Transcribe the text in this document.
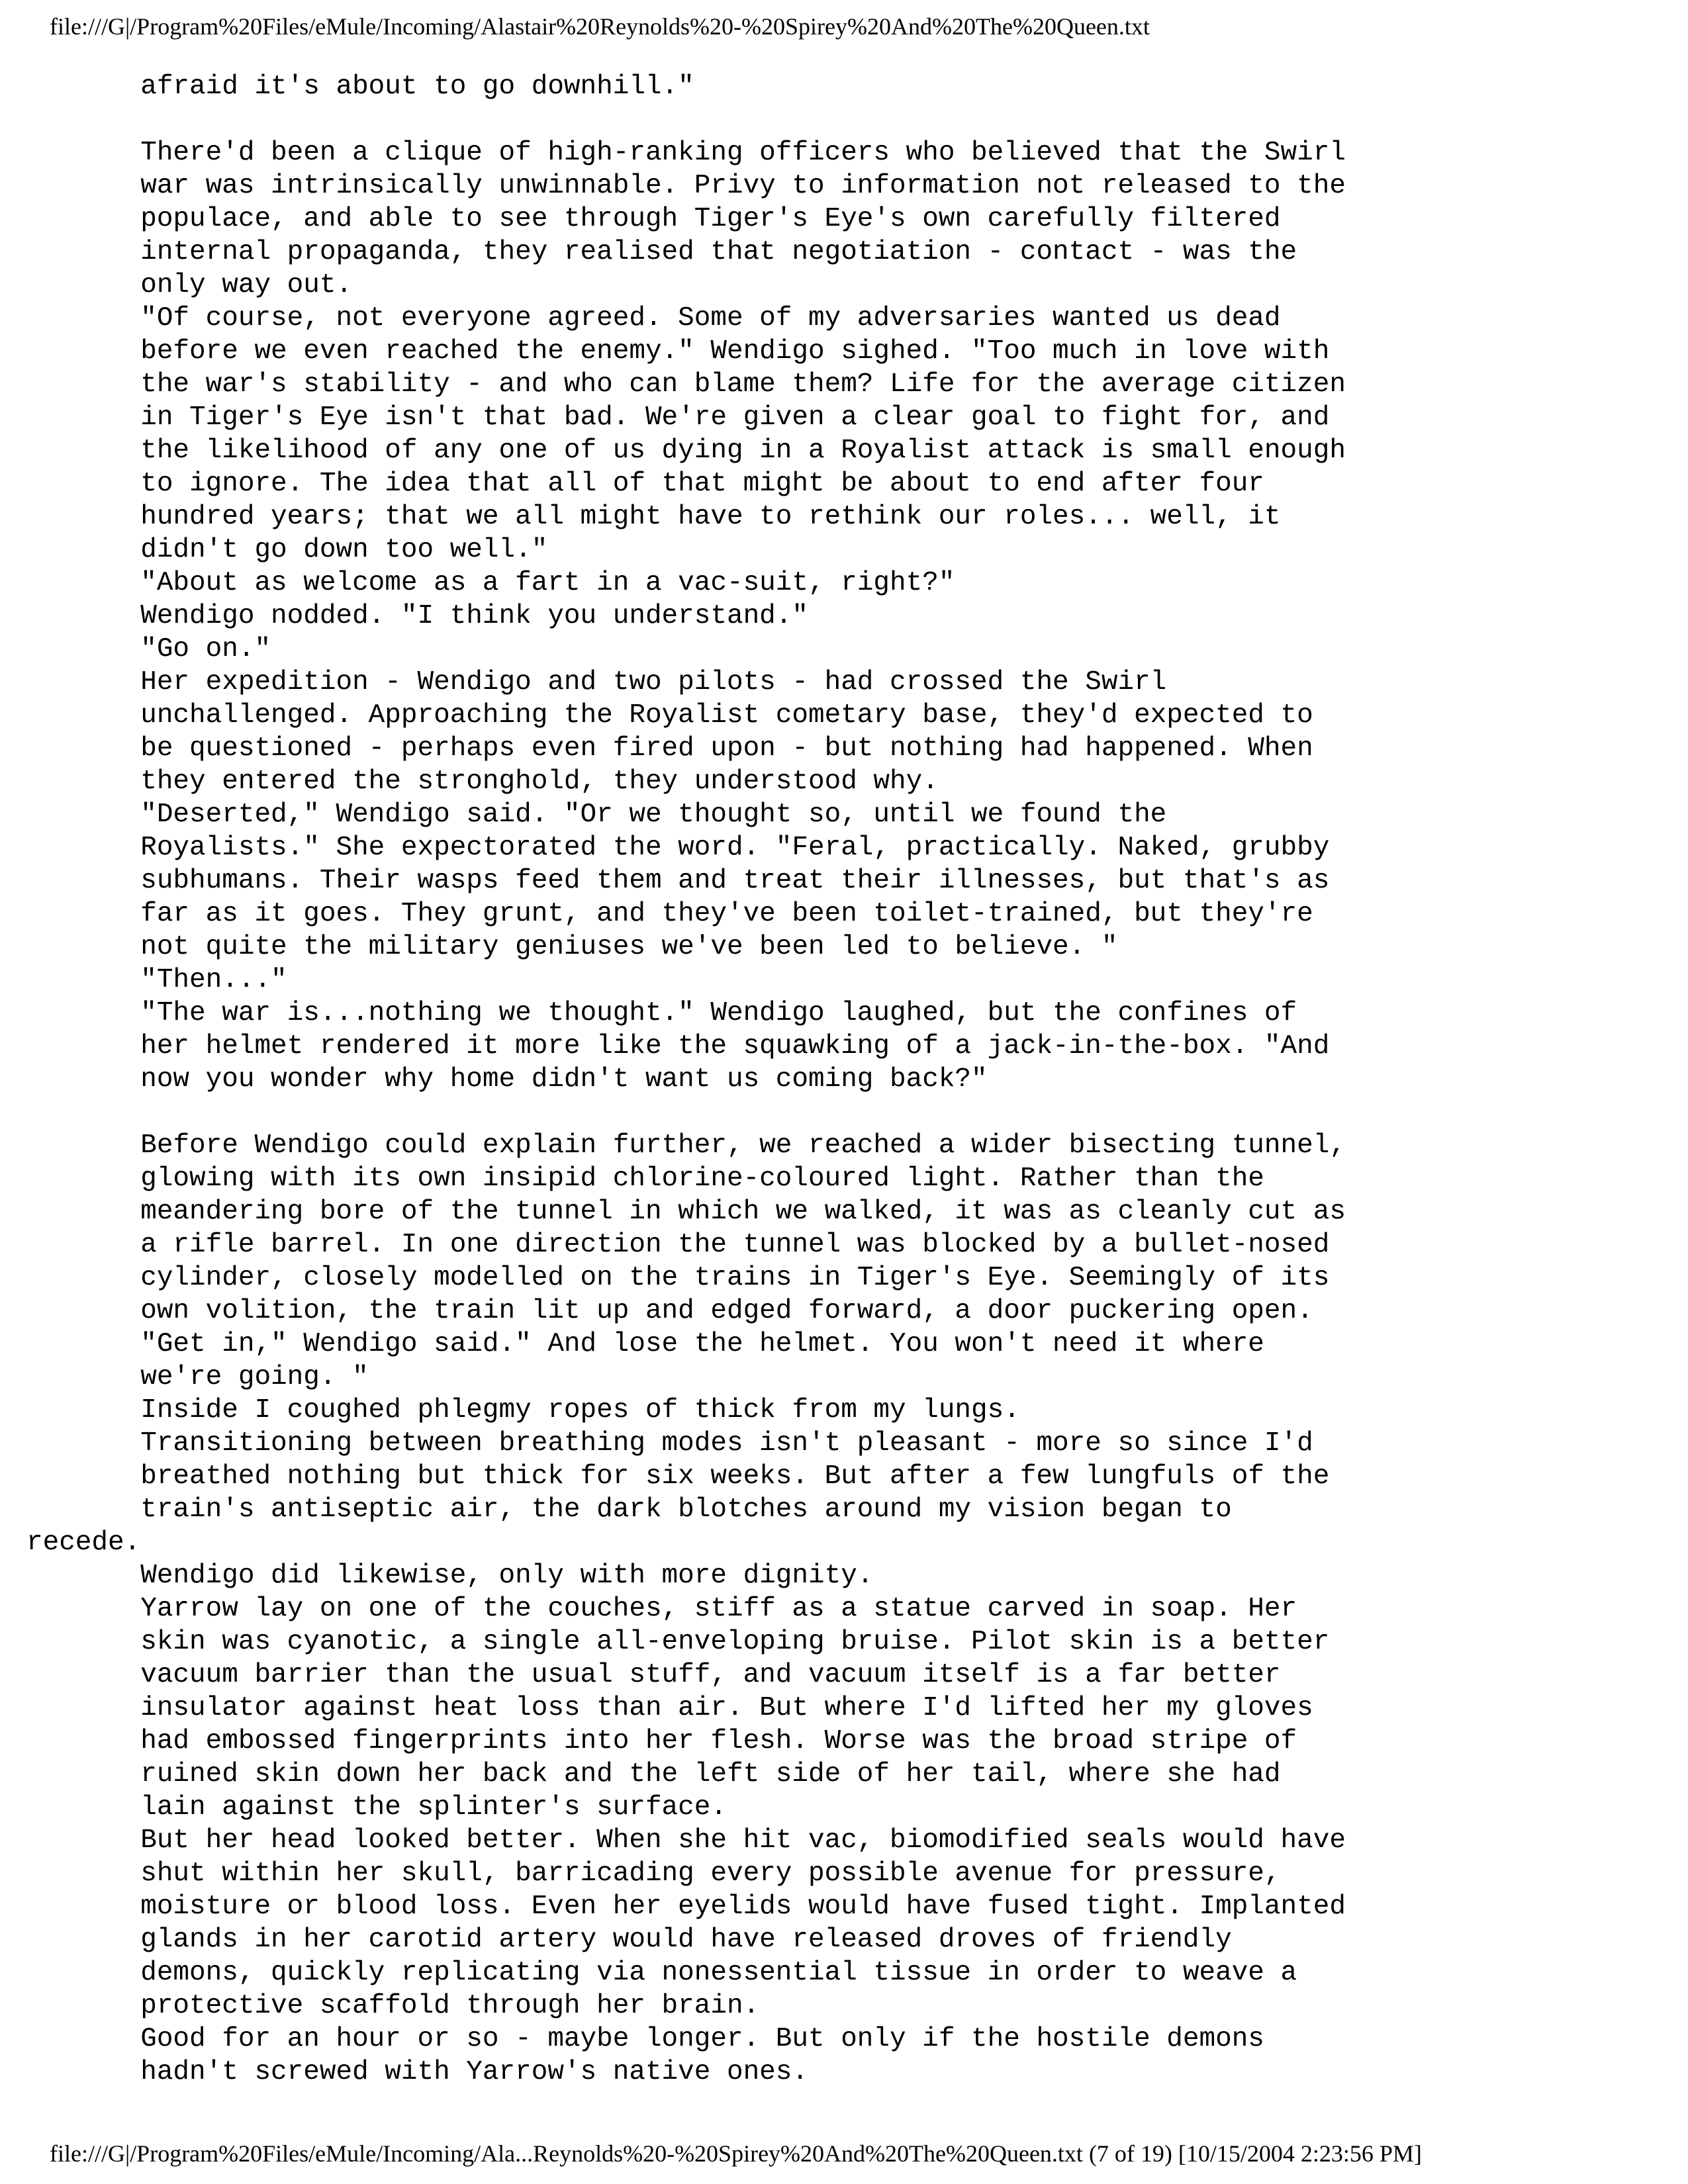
file:///G|/Program%20Files/eMule/Incoming/Alastair%20Reynolds%20-%20Spirey%20And%20The%20Queen.txt
afraid it's about to go downhill."

There'd been a clique of high-ranking officers who believed that the Swirl
war was intrinsically unwinnable. Privy to information not released to the
populace, and able to see through Tiger's Eye's own carefully filtered
internal propaganda, they realised that negotiation - contact - was the
only way out.
"Of course, not everyone agreed. Some of my adversaries wanted us dead
before we even reached the enemy." Wendigo sighed. "Too much in love with
the war's stability - and who can blame them? Life for the average citizen
in Tiger's Eye isn't that bad. We're given a clear goal to fight for, and
the likelihood of any one of us dying in a Royalist attack is small enough
to ignore. The idea that all of that might be about to end after four
hundred years; that we all might have to rethink our roles... well, it
didn't go down too well."
"About as welcome as a fart in a vac-suit, right?"
Wendigo nodded. "I think you understand."
"Go on."
Her expedition - Wendigo and two pilots - had crossed the Swirl
unchallenged. Approaching the Royalist cometary base, they'd expected to
be questioned - perhaps even fired upon - but nothing had happened. When
they entered the stronghold, they understood why.
"Deserted," Wendigo said. "Or we thought so, until we found the
Royalists." She expectorated the word. "Feral, practically. Naked, grubby
subhumans. Their wasps feed them and treat their illnesses, but that's as
far as it goes. They grunt, and they've been toilet-trained, but they're
not quite the military geniuses we've been led to believe. "
"Then..."
"The war is...nothing we thought." Wendigo laughed, but the confines of
her helmet rendered it more like the squawking of a jack-in-the-box. "And
now you wonder why home didn't want us coming back?"

Before Wendigo could explain further, we reached a wider bisecting tunnel,
glowing with its own insipid chlorine-coloured light. Rather than the
meandering bore of the tunnel in which we walked, it was as cleanly cut as
a rifle barrel. In one direction the tunnel was blocked by a bullet-nosed
cylinder, closely modelled on the trains in Tiger's Eye. Seemingly of its
own volition, the train lit up and edged forward, a door puckering open.
"Get in," Wendigo said." And lose the helmet. You won't need it where
we're going. "
Inside I coughed phlegmy ropes of thick from my lungs.
Transitioning between breathing modes isn't pleasant - more so since I'd
breathed nothing but thick for six weeks. But after a few lungfuls of the
train's antiseptic air, the dark blotches around my vision began to
recede.
Wendigo did likewise, only with more dignity.
Yarrow lay on one of the couches, stiff as a statue carved in soap. Her
skin was cyanotic, a single all-enveloping bruise. Pilot skin is a better
vacuum barrier than the usual stuff, and vacuum itself is a far better
insulator against heat loss than air. But where I'd lifted her my gloves
had embossed fingerprints into her flesh. Worse was the broad stripe of
ruined skin down her back and the left side of her tail, where she had
lain against the splinter's surface.
But her head looked better. When she hit vac, biomodified seals would have
shut within her skull, barricading every possible avenue for pressure,
moisture or blood loss. Even her eyelids would have fused tight. Implanted
glands in her carotid artery would have released droves of friendly
demons, quickly replicating via nonessential tissue in order to weave a
protective scaffold through her brain.
Good for an hour or so - maybe longer. But only if the hostile demons
hadn't screwed with Yarrow's native ones.

file:///G|/Program%20Files/eMule/Incoming/Ala...Reynolds%20-%20Spirey%20And%20The%20Queen.txt (7 of 19) [10/15/2004 2:23:56 PM]
